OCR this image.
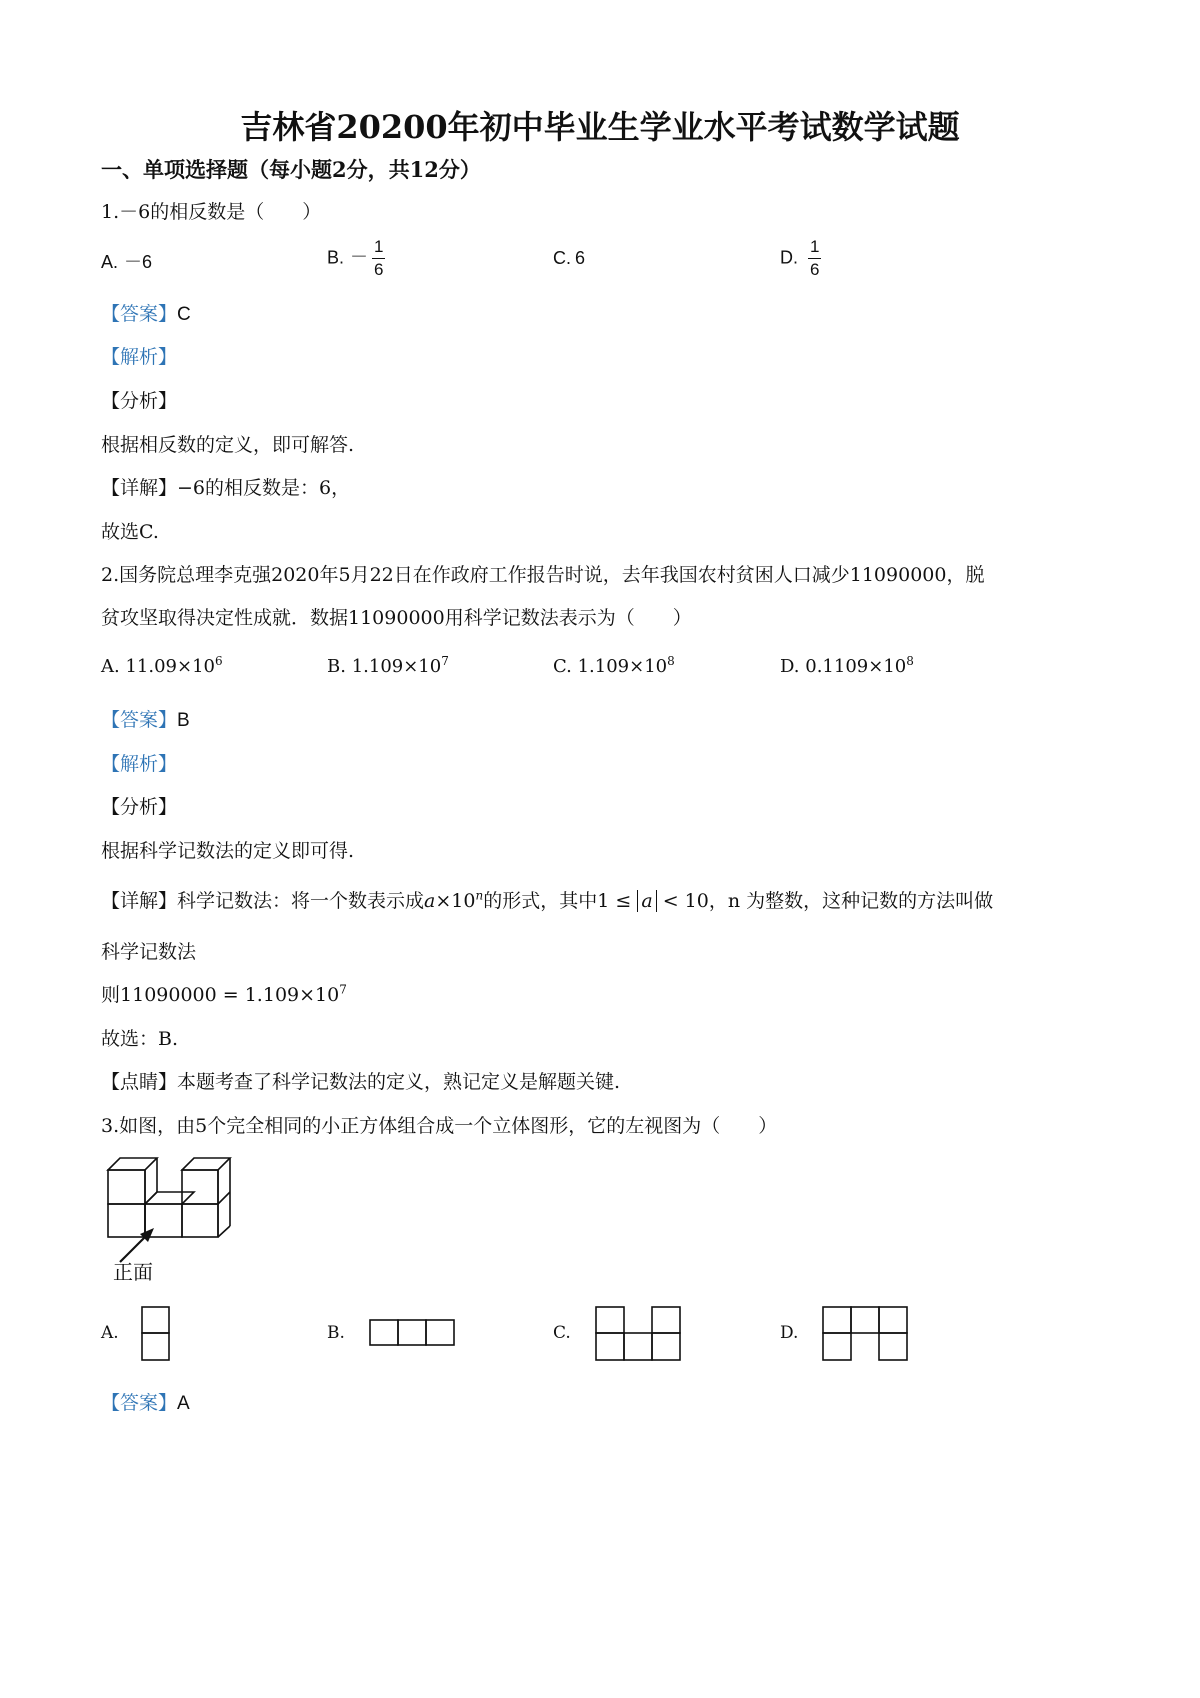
吉林省20200年初中毕业生学业水平考试数学试题
一、单项选择题（每小题2分，共12分）
1.－6的相反数是（　　）
A. －6	B. － $\frac{1}{6}$	C. 6	D. $\frac{1}{6}$
【答案】C
【解析】
【分析】
根据相反数的定义，即可解答.
【详解】−6的相反数是：6，
故选C.
2.国务院总理李克强2020年5月22日在作政府工作报告时说，去年我国农村贫困人口减少11090000，脱
贫攻坚取得决定性成就．数据11090000用科学记数法表示为（　　）
A. $11.09\times 10^6$	B. $1.109\times 10^7$	C. $1.109\times 10^8$	D. $0.1109\times 10^8$
【答案】B
【解析】
【分析】
根据科学记数法的定义即可得.
【详解】科学记数法：将一个数表示成$a\times 10^n$的形式，其中1 ≤ a < 10，n 为整数，这种记数的方法叫做
科学记数法
则$11090000 = 1.109\times 10^7$
故选：B.
【点睛】本题考查了科学记数法的定义，熟记定义是解题关键.
3.如图，由5个完全相同的小正方体组合成一个立体图形，它的左视图为（　　）
正面
A.	B.	C.	D.
【答案】A
